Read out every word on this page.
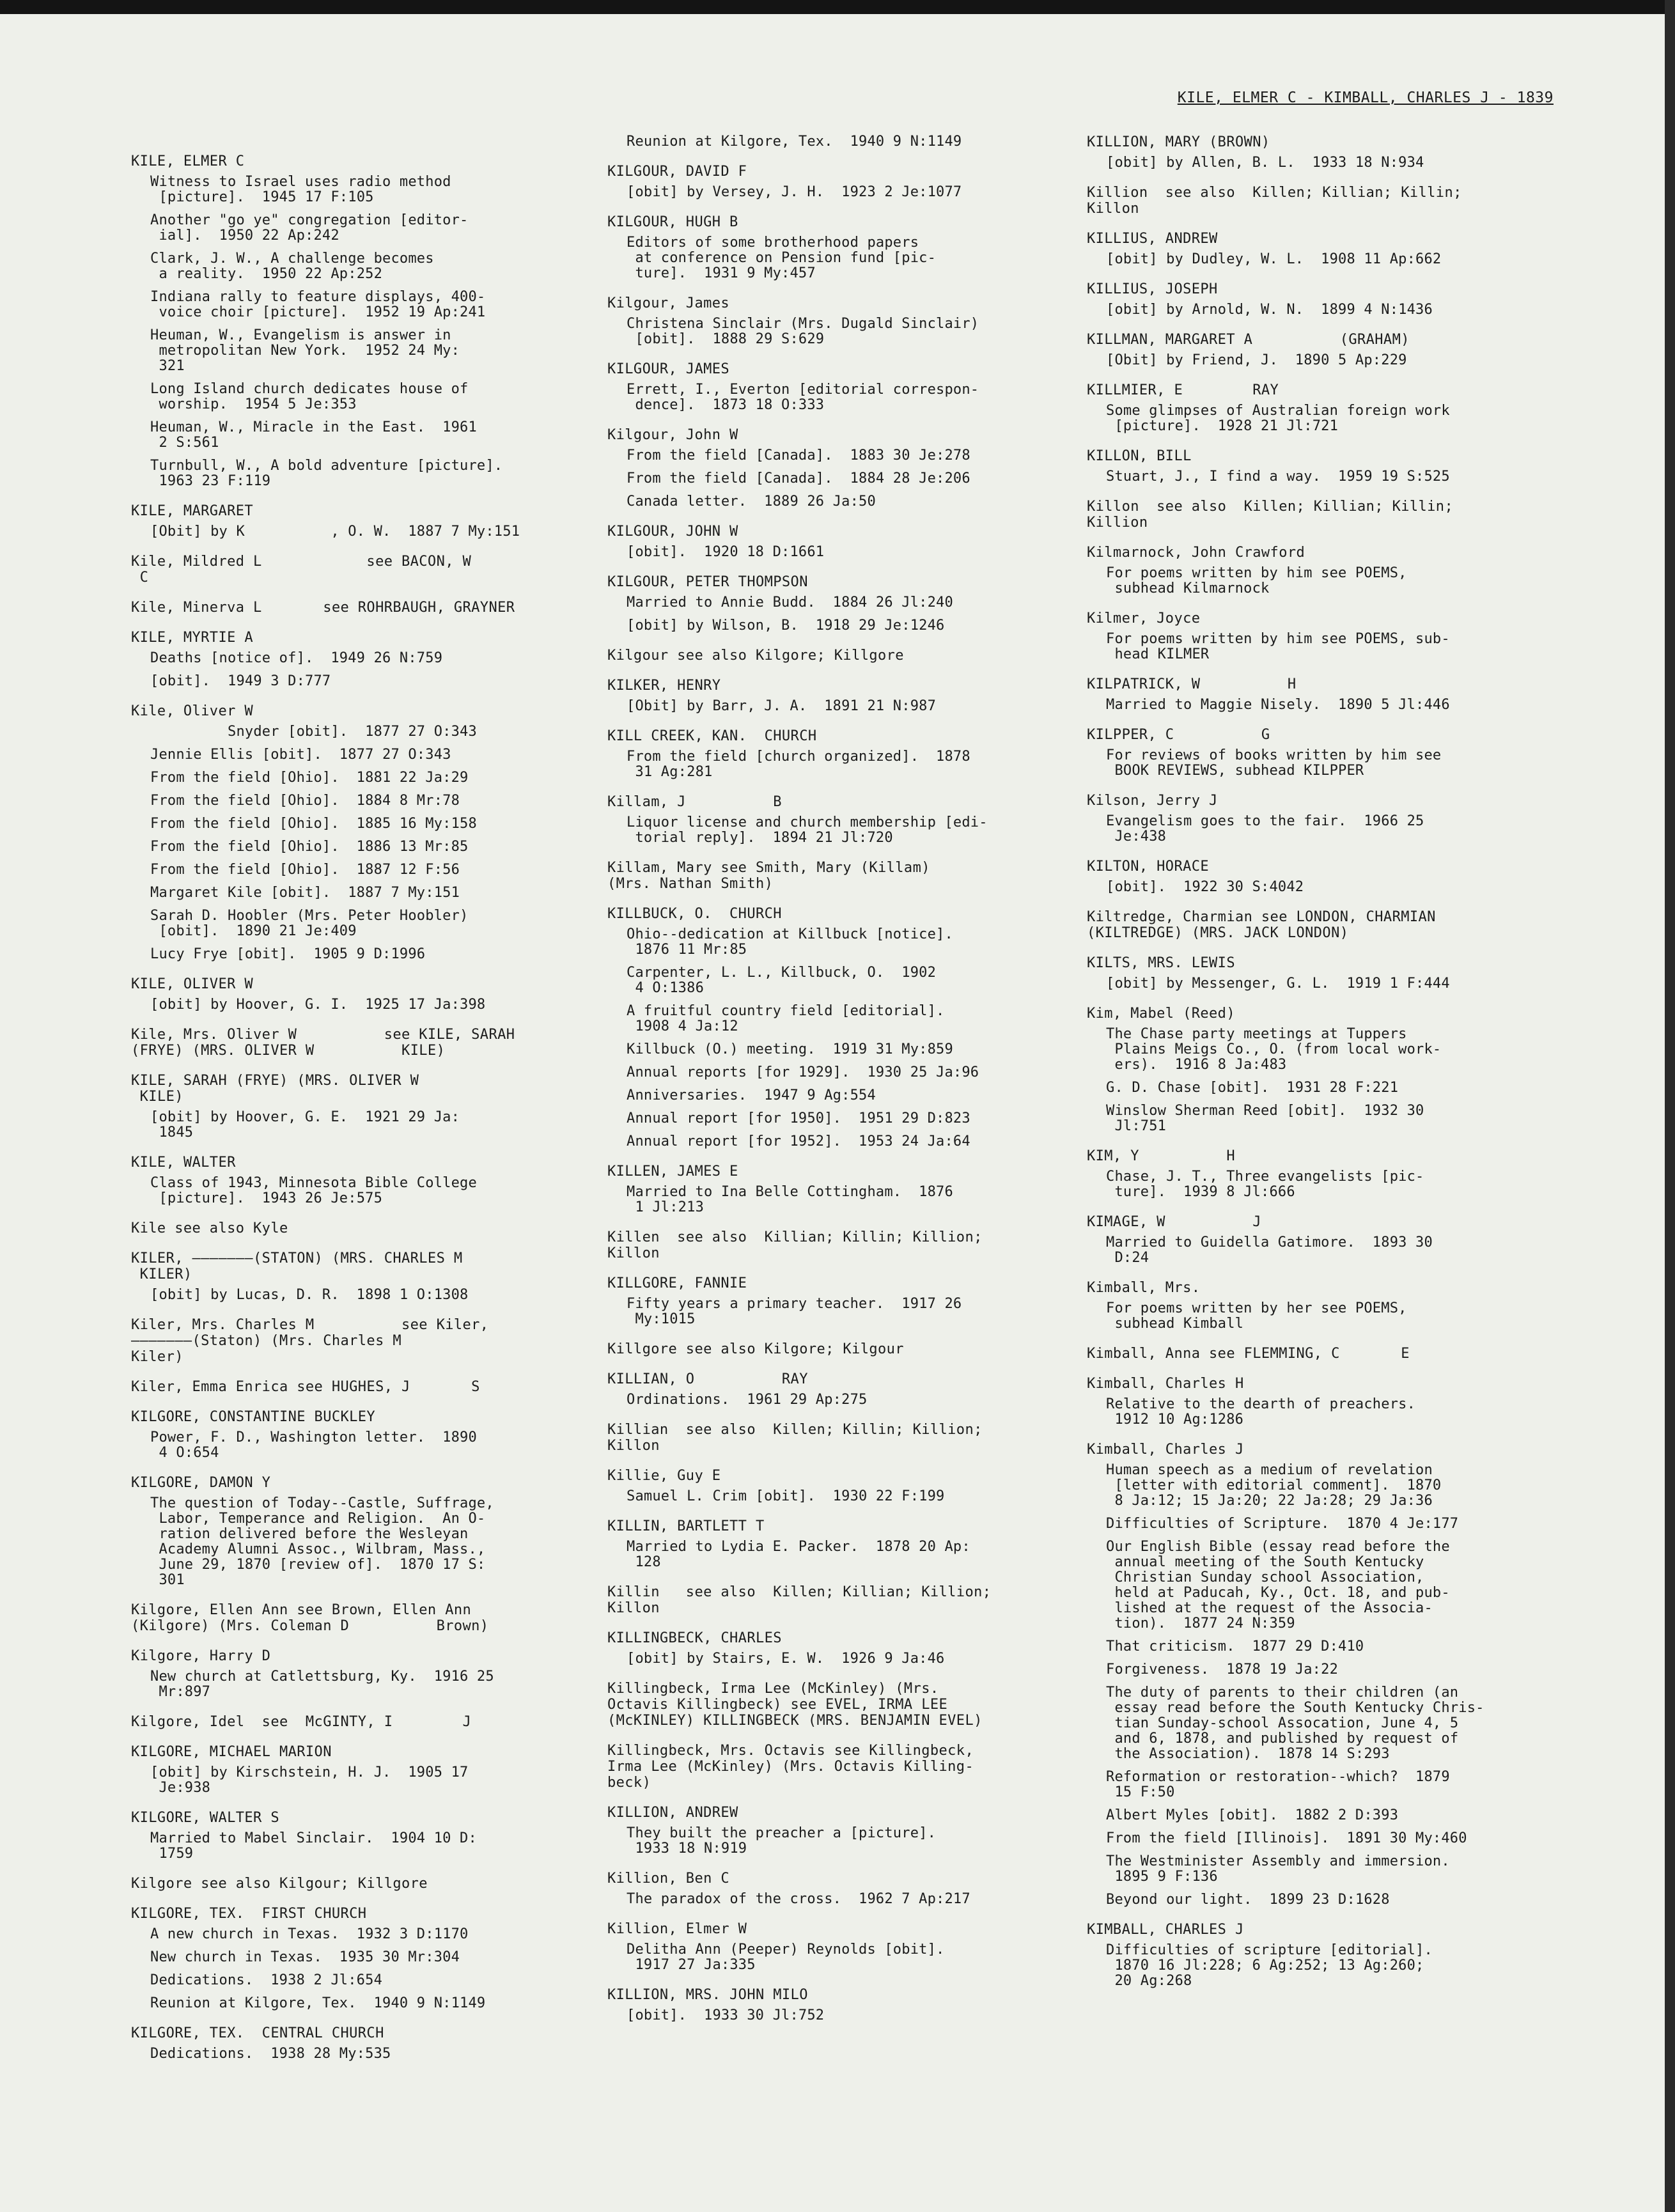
KILE, ELMER C - KIMBALL, CHARLES J - 1839
KILE, ELMER C
Witness to Israel uses radio method
[picture].  1945 17 F:105
Another "go ye" congregation [editor-
ial].  1950 22 Ap:242
Clark, J. W., A challenge becomes
a reality.  1950 22 Ap:252
Indiana rally to feature displays, 400-
voice choir [picture].  1952 19 Ap:241
Heuman, W., Evangelism is answer in
metropolitan New York.  1952 24 My:
321
Long Island church dedicates house of
worship.  1954 5 Je:353
Heuman, W., Miracle in the East.  1961
2 S:561
Turnbull, W., A bold adventure [picture].
1963 23 F:119
KILE, MARGARET
[Obit] by K          , O. W.  1887 7 My:151
Kile, Mildred L            see BACON, W
C
Kile, Minerva L       see ROHRBAUGH, GRAYNER
KILE, MYRTIE A
Deaths [notice of].  1949 26 N:759
[obit].  1949 3 D:777
Kile, Oliver W
Snyder [obit].  1877 27 O:343
Jennie Ellis [obit].  1877 27 O:343
From the field [Ohio].  1881 22 Ja:29
From the field [Ohio].  1884 8 Mr:78
From the field [Ohio].  1885 16 My:158
From the field [Ohio].  1886 13 Mr:85
From the field [Ohio].  1887 12 F:56
Margaret Kile [obit].  1887 7 My:151
Sarah D. Hoobler (Mrs. Peter Hoobler)
[obit].  1890 21 Je:409
Lucy Frye [obit].  1905 9 D:1996
KILE, OLIVER W
[obit] by Hoover, G. I.  1925 17 Ja:398
Kile, Mrs. Oliver W          see KILE, SARAH
(FRYE) (MRS. OLIVER W          KILE)
KILE, SARAH (FRYE) (MRS. OLIVER W
KILE)
[obit] by Hoover, G. E.  1921 29 Ja:
1845
KILE, WALTER
Class of 1943, Minnesota Bible College
[picture].  1943 26 Je:575
Kile see also Kyle
KILER, ———————(STATON) (MRS. CHARLES M
KILER)
[obit] by Lucas, D. R.  1898 1 O:1308
Kiler, Mrs. Charles M          see Kiler,
———————(Staton) (Mrs. Charles M
Kiler)
Kiler, Emma Enrica see HUGHES, J       S
KILGORE, CONSTANTINE BUCKLEY
Power, F. D., Washington letter.  1890
4 O:654
KILGORE, DAMON Y
The question of Today--Castle, Suffrage,
Labor, Temperance and Religion.  An O-
ration delivered before the Wesleyan
Academy Alumni Assoc., Wilbram, Mass.,
June 29, 1870 [review of].  1870 17 S:
301
Kilgore, Ellen Ann see Brown, Ellen Ann
(Kilgore) (Mrs. Coleman D          Brown)
Kilgore, Harry D
New church at Catlettsburg, Ky.  1916 25
Mr:897
Kilgore, Idel  see  McGINTY, I        J
KILGORE, MICHAEL MARION
[obit] by Kirschstein, H. J.  1905 17
Je:938
KILGORE, WALTER S
Married to Mabel Sinclair.  1904 10 D:
1759
Kilgore see also Kilgour; Killgore
KILGORE, TEX.  FIRST CHURCH
A new church in Texas.  1932 3 D:1170
New church in Texas.  1935 30 Mr:304
Dedications.  1938 2 Jl:654
Reunion at Kilgore, Tex.  1940 9 N:1149
KILGORE, TEX.  CENTRAL CHURCH
Dedications.  1938 28 My:535
Reunion at Kilgore, Tex.  1940 9 N:1149
KILGOUR, DAVID F
[obit] by Versey, J. H.  1923 2 Je:1077
KILGOUR, HUGH B
Editors of some brotherhood papers
at conference on Pension fund [pic-
ture].  1931 9 My:457
Kilgour, James
Christena Sinclair (Mrs. Dugald Sinclair)
[obit].  1888 29 S:629
KILGOUR, JAMES
Errett, I., Everton [editorial correspon-
dence].  1873 18 O:333
Kilgour, John W
From the field [Canada].  1883 30 Je:278
From the field [Canada].  1884 28 Je:206
Canada letter.  1889 26 Ja:50
KILGOUR, JOHN W
[obit].  1920 18 D:1661
KILGOUR, PETER THOMPSON
Married to Annie Budd.  1884 26 Jl:240
[obit] by Wilson, B.  1918 29 Je:1246
Kilgour see also Kilgore; Killgore
KILKER, HENRY
[Obit] by Barr, J. A.  1891 21 N:987
KILL CREEK, KAN.  CHURCH
From the field [church organized].  1878
31 Ag:281
Killam, J          B
Liquor license and church membership [edi-
torial reply].  1894 21 Jl:720
Killam, Mary see Smith, Mary (Killam)
(Mrs. Nathan Smith)
KILLBUCK, O.  CHURCH
Ohio--dedication at Killbuck [notice].
1876 11 Mr:85
Carpenter, L. L., Killbuck, O.  1902
4 O:1386
A fruitful country field [editorial].
1908 4 Ja:12
Killbuck (O.) meeting.  1919 31 My:859
Annual reports [for 1929].  1930 25 Ja:96
Anniversaries.  1947 9 Ag:554
Annual report [for 1950].  1951 29 D:823
Annual report [for 1952].  1953 24 Ja:64
KILLEN, JAMES E
Married to Ina Belle Cottingham.  1876
1 Jl:213
Killen  see also  Killian; Killin; Killion;
Killon
KILLGORE, FANNIE
Fifty years a primary teacher.  1917 26
My:1015
Killgore see also Kilgore; Kilgour
KILLIAN, O          RAY
Ordinations.  1961 29 Ap:275
Killian  see also  Killen; Killin; Killion;
Killon
Killie, Guy E
Samuel L. Crim [obit].  1930 22 F:199
KILLIN, BARTLETT T
Married to Lydia E. Packer.  1878 20 Ap:
128
Killin   see also  Killen; Killian; Killion;
Killon
KILLINGBECK, CHARLES
[obit] by Stairs, E. W.  1926 9 Ja:46
Killingbeck, Irma Lee (McKinley) (Mrs.
Octavis Killingbeck) see EVEL, IRMA LEE
(McKINLEY) KILLINGBECK (MRS. BENJAMIN EVEL)
Killingbeck, Mrs. Octavis see Killingbeck,
Irma Lee (McKinley) (Mrs. Octavis Killing-
beck)
KILLION, ANDREW
They built the preacher a [picture].
1933 18 N:919
Killion, Ben C
The paradox of the cross.  1962 7 Ap:217
Killion, Elmer W
Delitha Ann (Peeper) Reynolds [obit].
1917 27 Ja:335
KILLION, MRS. JOHN MILO
[obit].  1933 30 Jl:752
KILLION, MARY (BROWN)
[obit] by Allen, B. L.  1933 18 N:934
Killion  see also  Killen; Killian; Killin;
Killon
KILLIUS, ANDREW
[obit] by Dudley, W. L.  1908 11 Ap:662
KILLIUS, JOSEPH
[obit] by Arnold, W. N.  1899 4 N:1436
KILLMAN, MARGARET A          (GRAHAM)
[Obit] by Friend, J.  1890 5 Ap:229
KILLMIER, E        RAY
Some glimpses of Australian foreign work
[picture].  1928 21 Jl:721
KILLON, BILL
Stuart, J., I find a way.  1959 19 S:525
Killon  see also  Killen; Killian; Killin;
Killion
Kilmarnock, John Crawford
For poems written by him see POEMS,
subhead Kilmarnock
Kilmer, Joyce
For poems written by him see POEMS, sub-
head KILMER
KILPATRICK, W          H
Married to Maggie Nisely.  1890 5 Jl:446
KILPPER, C          G
For reviews of books written by him see
BOOK REVIEWS, subhead KILPPER
Kilson, Jerry J
Evangelism goes to the fair.  1966 25
Je:438
KILTON, HORACE
[obit].  1922 30 S:4042
Kiltredge, Charmian see LONDON, CHARMIAN
(KILTREDGE) (MRS. JACK LONDON)
KILTS, MRS. LEWIS
[obit] by Messenger, G. L.  1919 1 F:444
Kim, Mabel (Reed)
The Chase party meetings at Tuppers
Plains Meigs Co., O. (from local work-
ers).  1916 8 Ja:483
G. D. Chase [obit].  1931 28 F:221
Winslow Sherman Reed [obit].  1932 30
Jl:751
KIM, Y          H
Chase, J. T., Three evangelists [pic-
ture].  1939 8 Jl:666
KIMAGE, W          J
Married to Guidella Gatimore.  1893 30
D:24
Kimball, Mrs.
For poems written by her see POEMS,
subhead Kimball
Kimball, Anna see FLEMMING, C       E
Kimball, Charles H
Relative to the dearth of preachers.
1912 10 Ag:1286
Kimball, Charles J
Human speech as a medium of revelation
[letter with editorial comment].  1870
8 Ja:12; 15 Ja:20; 22 Ja:28; 29 Ja:36
Difficulties of Scripture.  1870 4 Je:177
Our English Bible (essay read before the
annual meeting of the South Kentucky
Christian Sunday school Association,
held at Paducah, Ky., Oct. 18, and pub-
lished at the request of the Associa-
tion).  1877 24 N:359
That criticism.  1877 29 D:410
Forgiveness.  1878 19 Ja:22
The duty of parents to their children (an
essay read before the South Kentucky Chris-
tian Sunday-school Assocation, June 4, 5
and 6, 1878, and published by request of
the Association).  1878 14 S:293
Reformation or restoration--which?  1879
15 F:50
Albert Myles [obit].  1882 2 D:393
From the field [Illinois].  1891 30 My:460
The Westminister Assembly and immersion.
1895 9 F:136
Beyond our light.  1899 23 D:1628
KIMBALL, CHARLES J
Difficulties of scripture [editorial].
1870 16 Jl:228; 6 Ag:252; 13 Ag:260;
20 Ag:268
